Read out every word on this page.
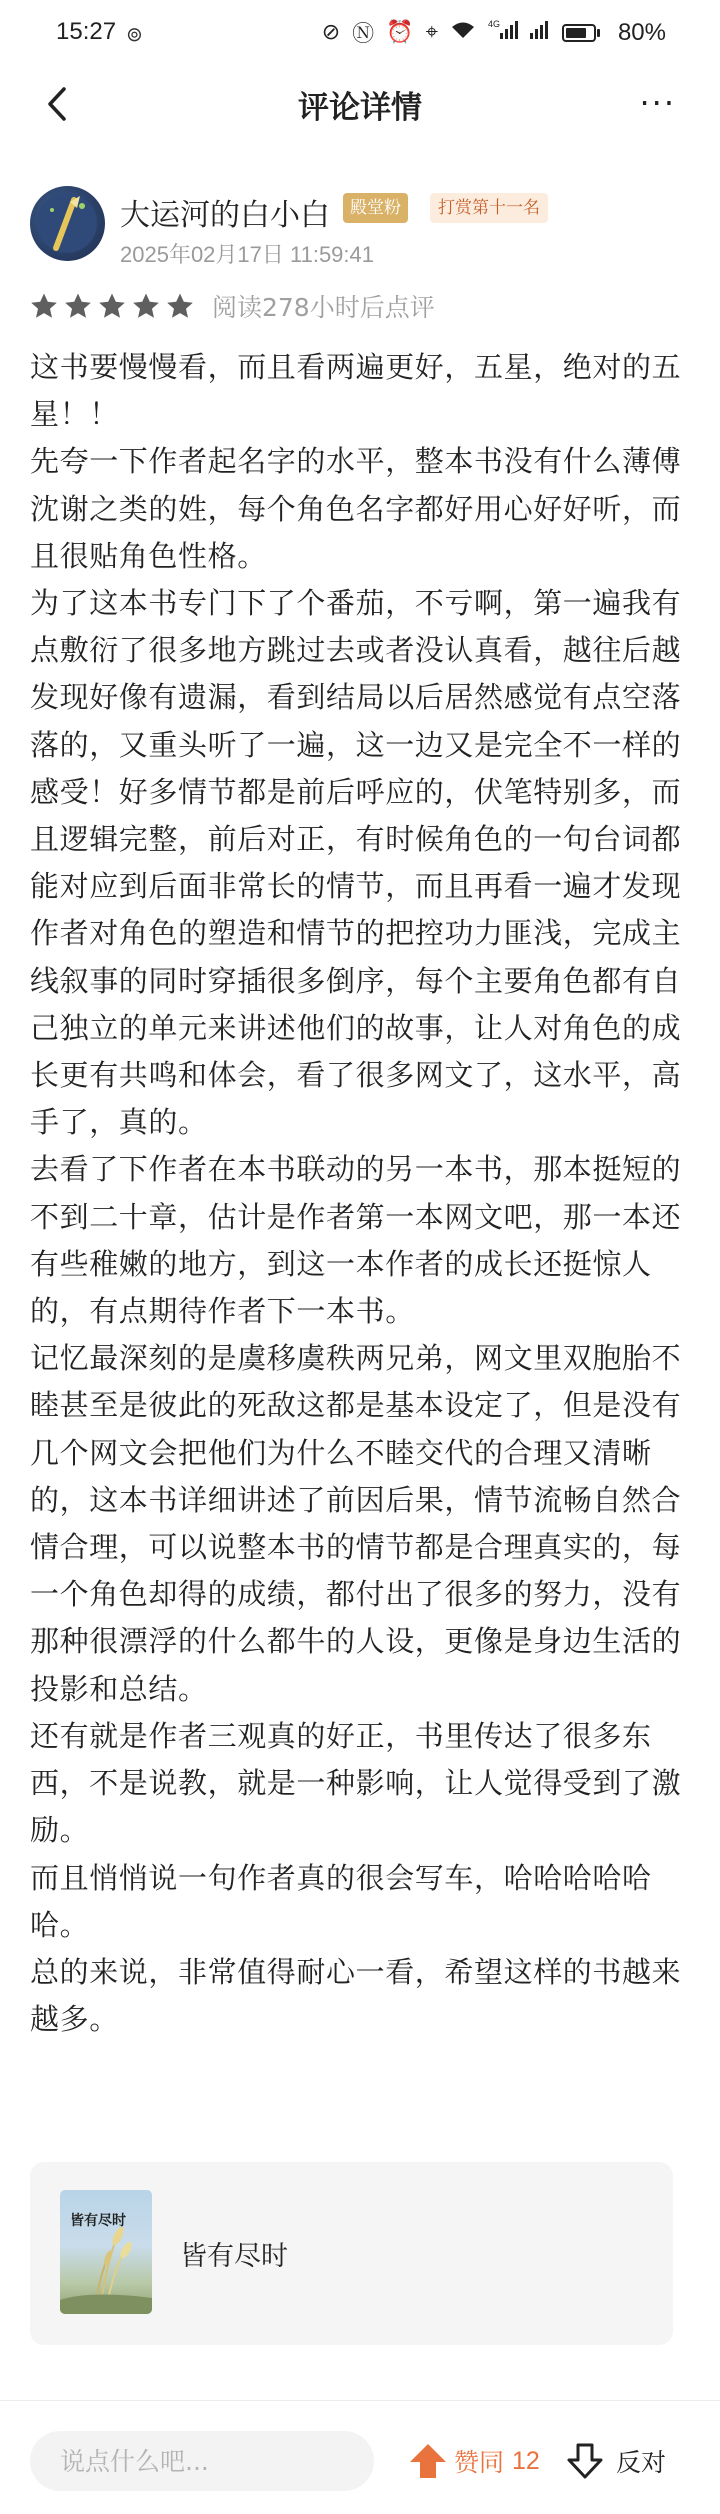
15:27 ⊚	⊘ Ⓝ ⏰ ⌖	4G	80%
评论详情	···
大运河的白小白	殿堂粉	打赏第十一名
2025年02月17日 11:59:41
阅读278小时后点评

这书要慢慢看，而且看两遍更好，五星，绝对的五星！！

先夸一下作者起名字的水平，整本书没有什么薄傅沈谢之类的姓，每个角色名字都好用心好好听，而且很贴角色性格。

为了这本书专门下了个番茄，不亏啊，第一遍我有点敷衍了很多地方跳过去或者没认真看，越往后越发现好像有遗漏，看到结局以后居然感觉有点空落落的，又重头听了一遍，这一边又是完全不一样的感受！好多情节都是前后呼应的，伏笔特别多，而且逻辑完整，前后对正，有时候角色的一句台词都能对应到后面非常长的情节，而且再看一遍才发现作者对角色的塑造和情节的把控功力匪浅，完成主线叙事的同时穿插很多倒序，每个主要角色都有自己独立的单元来讲述他们的故事，让人对角色的成长更有共鸣和体会，看了很多网文了，这水平，高手了，真的。

去看了下作者在本书联动的另一本书，那本挺短的不到二十章，估计是作者第一本网文吧，那一本还有些稚嫩的地方，到这一本作者的成长还挺惊人的，有点期待作者下一本书。

记忆最深刻的是虞移虞秩两兄弟，网文里双胞胎不睦甚至是彼此的死敌这都是基本设定了，但是没有几个网文会把他们为什么不睦交代的合理又清晰的，这本书详细讲述了前因后果，情节流畅自然合情合理，可以说整本书的情节都是合理真实的，每一个角色却得的成绩，都付出了很多的努力，没有那种很漂浮的什么都牛的人设，更像是身边生活的投影和总结。

还有就是作者三观真的好正，书里传达了很多东西，不是说教，就是一种影响，让人觉得受到了激励。

而且悄悄说一句作者真的很会写车，哈哈哈哈哈哈。

总的来说，非常值得耐心一看，希望这样的书越来越多。

皆有尽时
皆有尽时
说点什么吧...
赞同 12	反对
